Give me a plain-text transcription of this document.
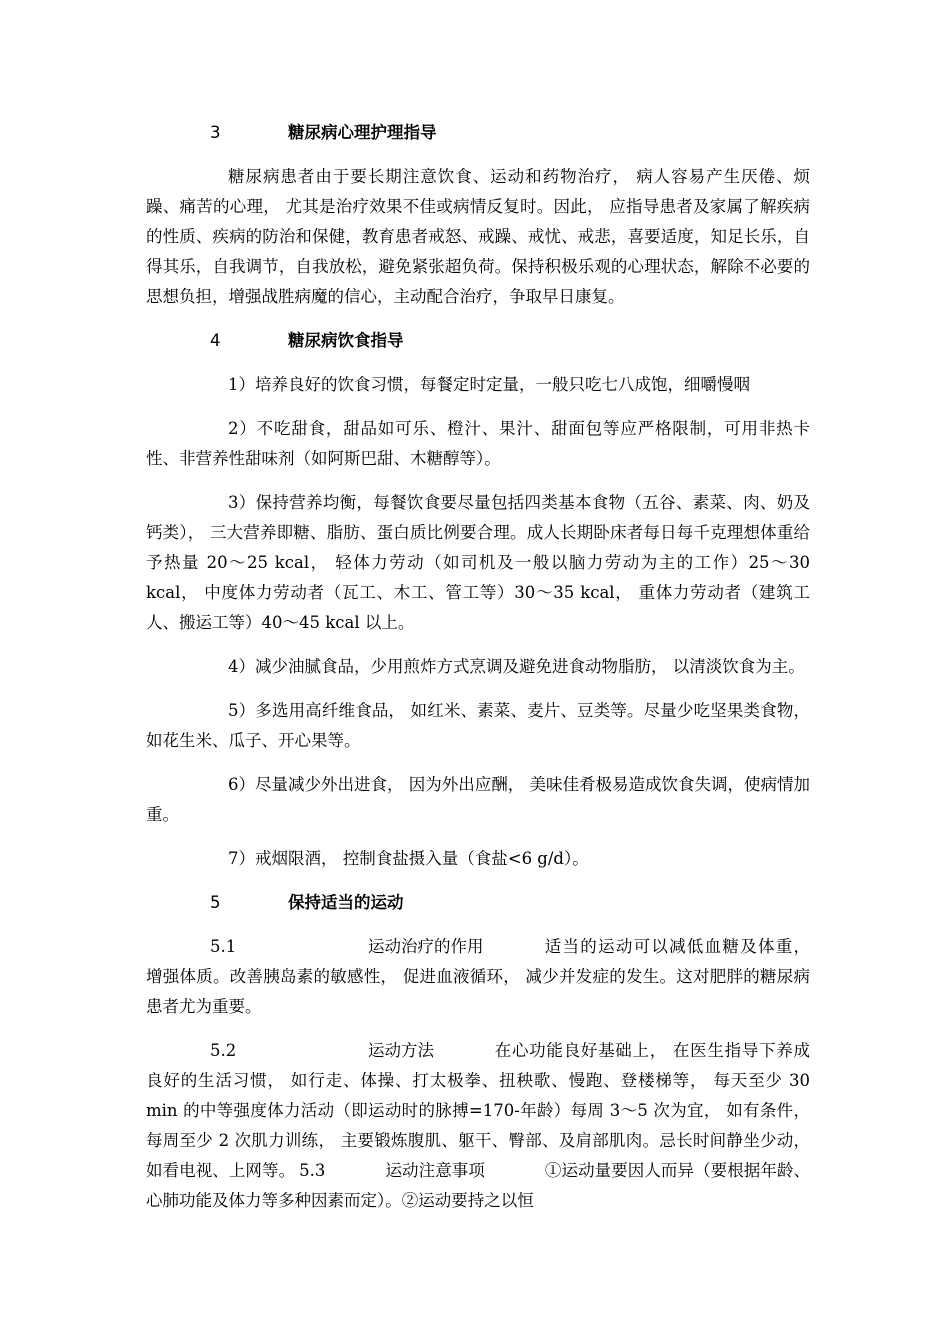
3	糖尿病心理护理指导

糖尿病患者由于要长期注意饮食、运动和药物治疗， 病人容易产生厌倦、烦躁、痛苦的心理， 尤其是治疗效果不佳或病情反复时。因此， 应指导患者及家属了解疾病的性质、疾病的防治和保健，教育患者戒怒、戒躁、戒忧、戒悲，喜要适度，知足长乐，自得其乐，自我调节，自我放松，避免紧张超负荷。保持积极乐观的心理状态，解除不必要的思想负担，增强战胜病魔的信心，主动配合治疗，争取早日康复。

4	糖尿病饮食指导

1）培养良好的饮食习惯，每餐定时定量，一般只吃七八成饱，细嚼慢咽

2）不吃甜食，甜品如可乐、橙汁、果汁、甜面包等应严格限制，可用非热卡性、非营养性甜味剂（如阿斯巴甜、木糖醇等）。

3）保持营养均衡，每餐饮食要尽量包括四类基本食物（五谷、素菜、肉、奶及钙类）， 三大营养即糖、脂肪、蛋白质比例要合理。成人长期卧床者每日每千克理想体重给予热量 20～25 kcal， 轻体力劳动（如司机及一般以脑力劳动为主的工作）25～30 kcal， 中度体力劳动者（瓦工、木工、管工等）30～35 kcal， 重体力劳动者（建筑工人、搬运工等）40～45 kcal 以上。

4）减少油腻食品，少用煎炸方式烹调及避免进食动物脂肪， 以清淡饮食为主。

5）多选用高纤维食品， 如红米、素菜、麦片、豆类等。尽量少吃坚果类食物， 如花生米、瓜子、开心果等。

6）尽量减少外出进食， 因为外出应酬， 美味佳肴极易造成饮食失调，使病情加重。

7）戒烟限酒， 控制食盐摄入量（食盐<6 g/d）。

5	保持适当的运动

5.1	运动治疗的作用	适当的运动可以减低血糖及体重， 增强体质。改善胰岛素的敏感性， 促进血液循环， 减少并发症的发生。这对肥胖的糖尿病患者尤为重要。

5.2	运动方法	在心功能良好基础上， 在医生指导下养成良好的生活习惯， 如行走、体操、打太极拳、扭秧歌、慢跑、登楼梯等， 每天至少 30 min 的中等强度体力活动（即运动时的脉搏=170-年龄）每周 3～5 次为宜， 如有条件， 每周至少 2 次肌力训练， 主要锻炼腹肌、躯干、臀部、及肩部肌肉。忌长时间静坐少动， 如看电视、上网等。 5.3	运动注意事项	①运动量要因人而异（要根据年龄、心肺功能及体力等多种因素而定）。②运动要持之以恒
